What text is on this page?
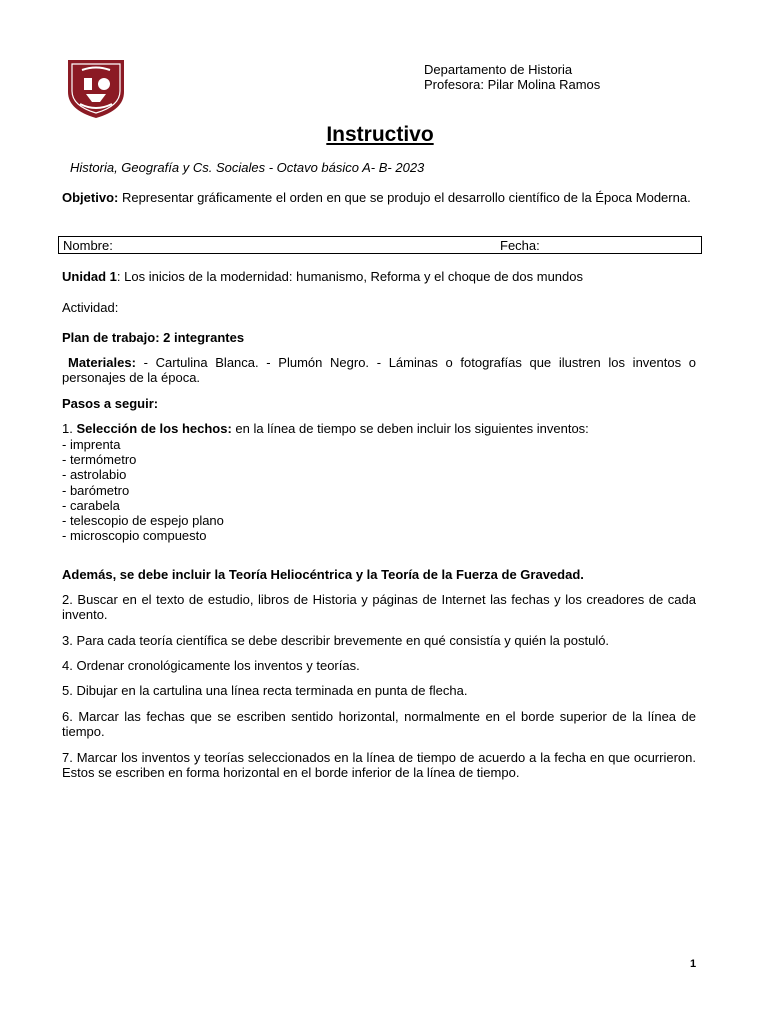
Departamento de Historia
Profesora: Pilar Molina Ramos
Instructivo
Historia, Geografía y Cs. Sociales - Octavo básico A- B- 2023
Objetivo: Representar gráficamente el orden en que se produjo el desarrollo científico de la Época Moderna.
Nombre:	Fecha:
Unidad 1: Los inicios de la modernidad: humanismo, Reforma y el choque de dos mundos
Actividad:
Plan de trabajo: 2 integrantes
Materiales: - Cartulina Blanca. - Plumón Negro. - Láminas o fotografías que ilustren los inventos o personajes de la época.
Pasos a seguir:
1. Selección de los hechos: en la línea de tiempo se deben incluir los siguientes inventos:
- imprenta
- termómetro
- astrolabio
- barómetro
- carabela
- telescopio de espejo plano
- microscopio compuesto
Además, se debe incluir la Teoría Heliocéntrica y la Teoría de la Fuerza de Gravedad.
2. Buscar en el texto de estudio, libros de Historia y páginas de Internet las fechas y los creadores de cada invento.
3. Para cada teoría científica se debe describir brevemente en qué consistía y quién la postuló.
4. Ordenar cronológicamente los inventos y teorías.
5. Dibujar en la cartulina una línea recta terminada en punta de flecha.
6. Marcar las fechas que se escriben sentido horizontal, normalmente en el borde superior de la línea de tiempo.
7. Marcar los inventos y teorías seleccionados en la línea de tiempo de acuerdo a la fecha en que ocurrieron. Estos se escriben en forma horizontal en el borde inferior de la línea de tiempo.
1
